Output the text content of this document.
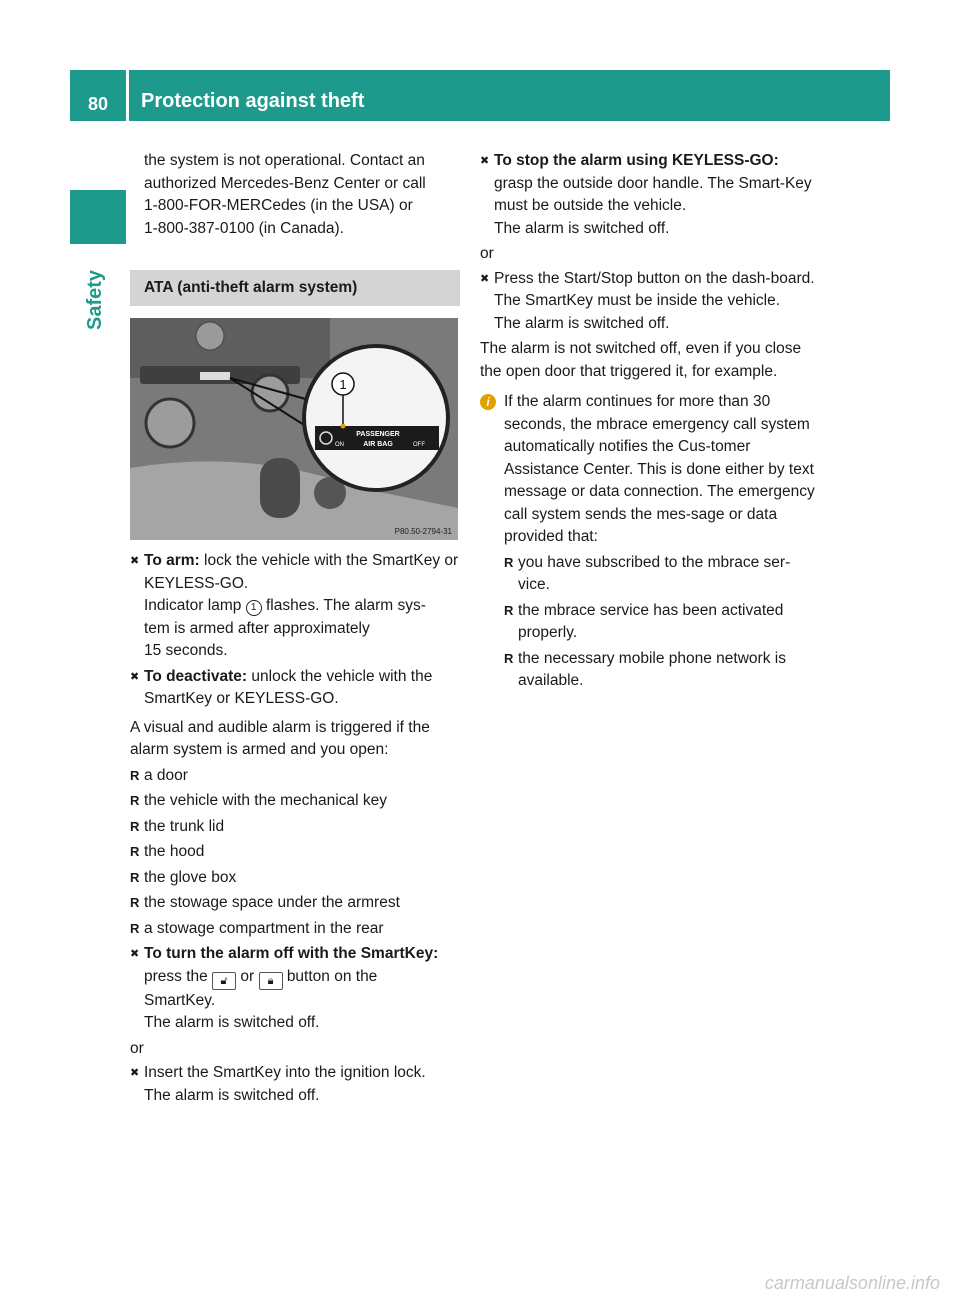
80	Protection against theft
Safety
the system is not operational. Contact an
authorized Mercedes-Benz Center or call
1-800-FOR-MERCedes (in the USA) or
1-800-387-0100 (in Canada).
ATA (anti-theft alarm system)
1
PASSENGER
AIR BAG
ON	OFF
P80.50-2794-31
✖ To arm: lock the vehicle with the SmartKey or KEYLESS-GO.
Indicator lamp 1 flashes. The alarm sys-
tem is armed after approximately
15 seconds.
✖ To deactivate: unlock the vehicle with the SmartKey or KEYLESS-GO.

A visual and audible alarm is triggered if the alarm system is armed and you open:

R a door
R the vehicle with the mechanical key
R the trunk lid
R the hood
R the glove box
R the stowage space under the armrest
R a stowage compartment in the rear
✖ To turn the alarm off with the SmartKey:
press the 🔓︎ or 🔒︎ button on the
SmartKey.
The alarm is switched off.

or

✖ Insert the SmartKey into the ignition lock.
The alarm is switched off.
✖ To stop the alarm using KEYLESS-GO: grasp the outside door handle. The Smart-Key must be outside the vehicle.
The alarm is switched off.

or

✖ Press the Start/Stop button on the dash-board. The SmartKey must be inside the vehicle.
The alarm is switched off.

The alarm is not switched off, even if you close the open door that triggered it, for example.

i If the alarm continues for more than 30 seconds, the mbrace emergency call system automatically notifies the Cus-tomer Assistance Center. This is done either by text message or data connection. The emergency call system sends the mes-sage or data provided that:
R you have subscribed to the mbrace ser-vice.
R the mbrace service has been activated properly.
R the necessary mobile phone network is available.
carmanualsonline.info
